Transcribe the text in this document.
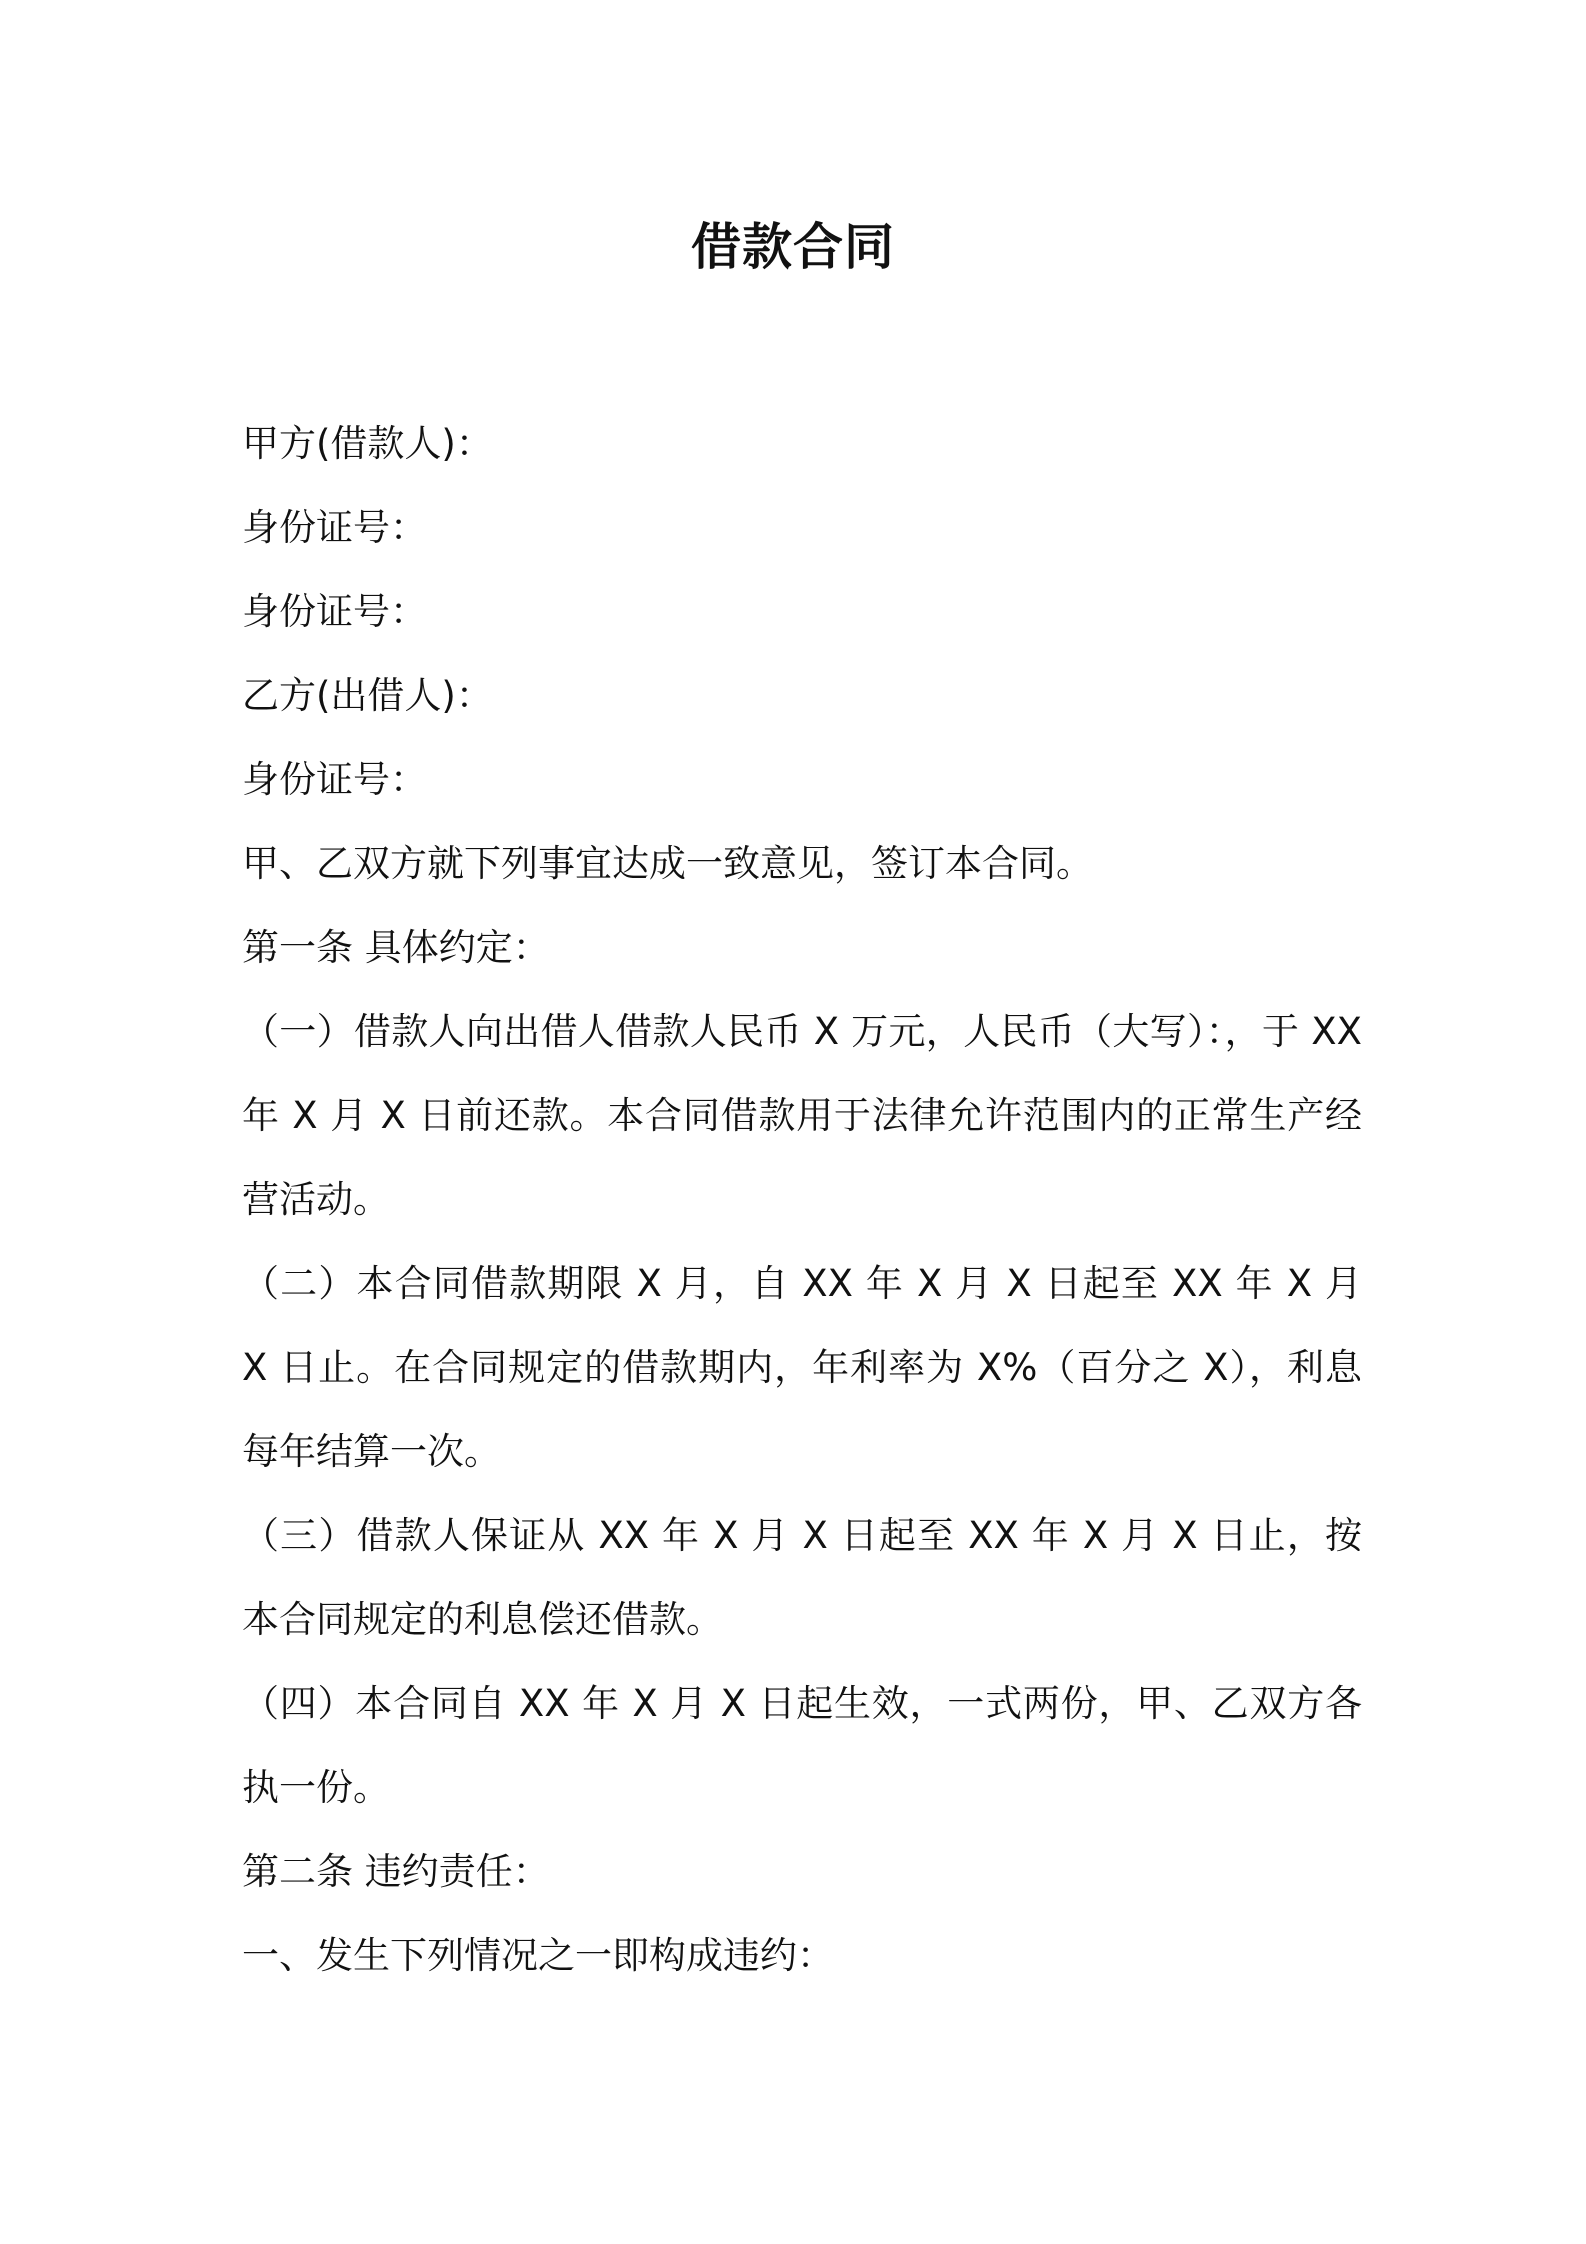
借款合同

甲方(借款人)：

身份证号：

身份证号：

乙方(出借人)：

身份证号：

甲、乙双方就下列事宜达成一致意见，签订本合同。

第一条 具体约定：

（一）借款人向出借人借款人民币 X 万元，人民币（大写）：，于 XX 年 X 月 X 日前还款。本合同借款用于法律允许范围内的正常生产经营活动。

（二）本合同借款期限 X 月，自 XX 年 X 月 X 日起至 XX 年 X 月 X 日止。在合同规定的借款期内，年利率为 X%（百分之 X），利息每年结算一次。

（三）借款人保证从 XX 年 X 月 X 日起至 XX 年 X 月 X 日止，按本合同规定的利息偿还借款。

（四）本合同自 XX 年 X 月 X 日起生效，一式两份，甲、乙双方各执一份。

第二条 违约责任：

一、发生下列情况之一即构成违约：
